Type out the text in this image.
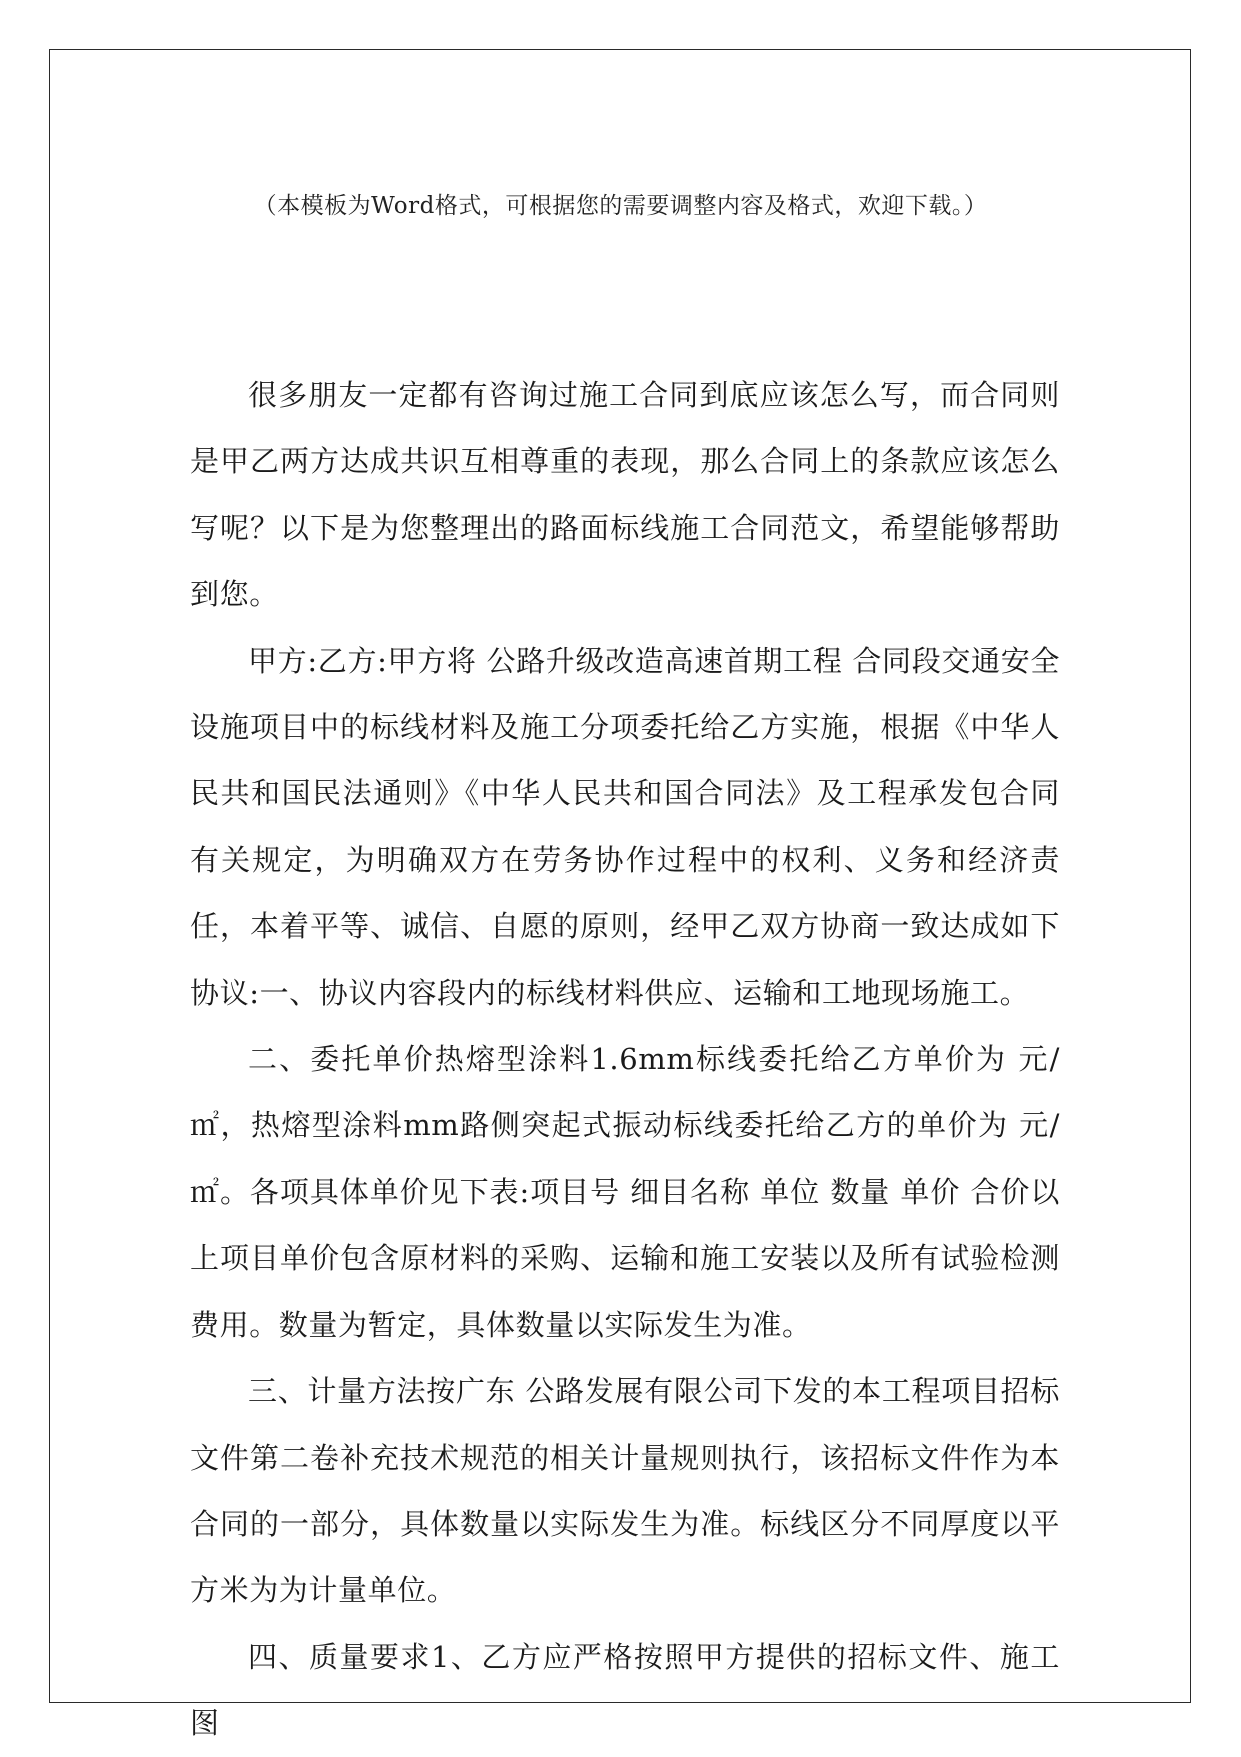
（本模板为Word格式，可根据您的需要调整内容及格式，欢迎下载。）

很多朋友一定都有咨询过施工合同到底应该怎么写，而合同则是甲乙两方达成共识互相尊重的表现，那么合同上的条款应该怎么写呢？以下是为您整理出的路面标线施工合同范文，希望能够帮助到您。

甲方:乙方:甲方将 公路升级改造高速首期工程 合同段交通安全设施项目中的标线材料及施工分项委托给乙方实施，根据《中华人民共和国民法通则》《中华人民共和国合同法》及工程承发包合同有关规定，为明确双方在劳务协作过程中的权利、义务和经济责任，本着平等、诚信、自愿的原则，经甲乙双方协商一致达成如下协议:一、协议内容段内的标线材料供应、运输和工地现场施工。

二、委托单价热熔型涂料1.6mm标线委托给乙方单价为 元/㎡，热熔型涂料mm路侧突起式振动标线委托给乙方的单价为 元/㎡。各项具体单价见下表:项目号 细目名称 单位 数量 单价 合价以上项目单价包含原材料的采购、运输和施工安装以及所有试验检测费用。数量为暂定，具体数量以实际发生为准。

三、计量方法按广东 公路发展有限公司下发的本工程项目招标文件第二卷补充技术规范的相关计量规则执行，该招标文件作为本合同的一部分，具体数量以实际发生为准。标线区分不同厚度以平方米为为计量单位。

四、质量要求1、乙方应严格按照甲方提供的招标文件、施工图
